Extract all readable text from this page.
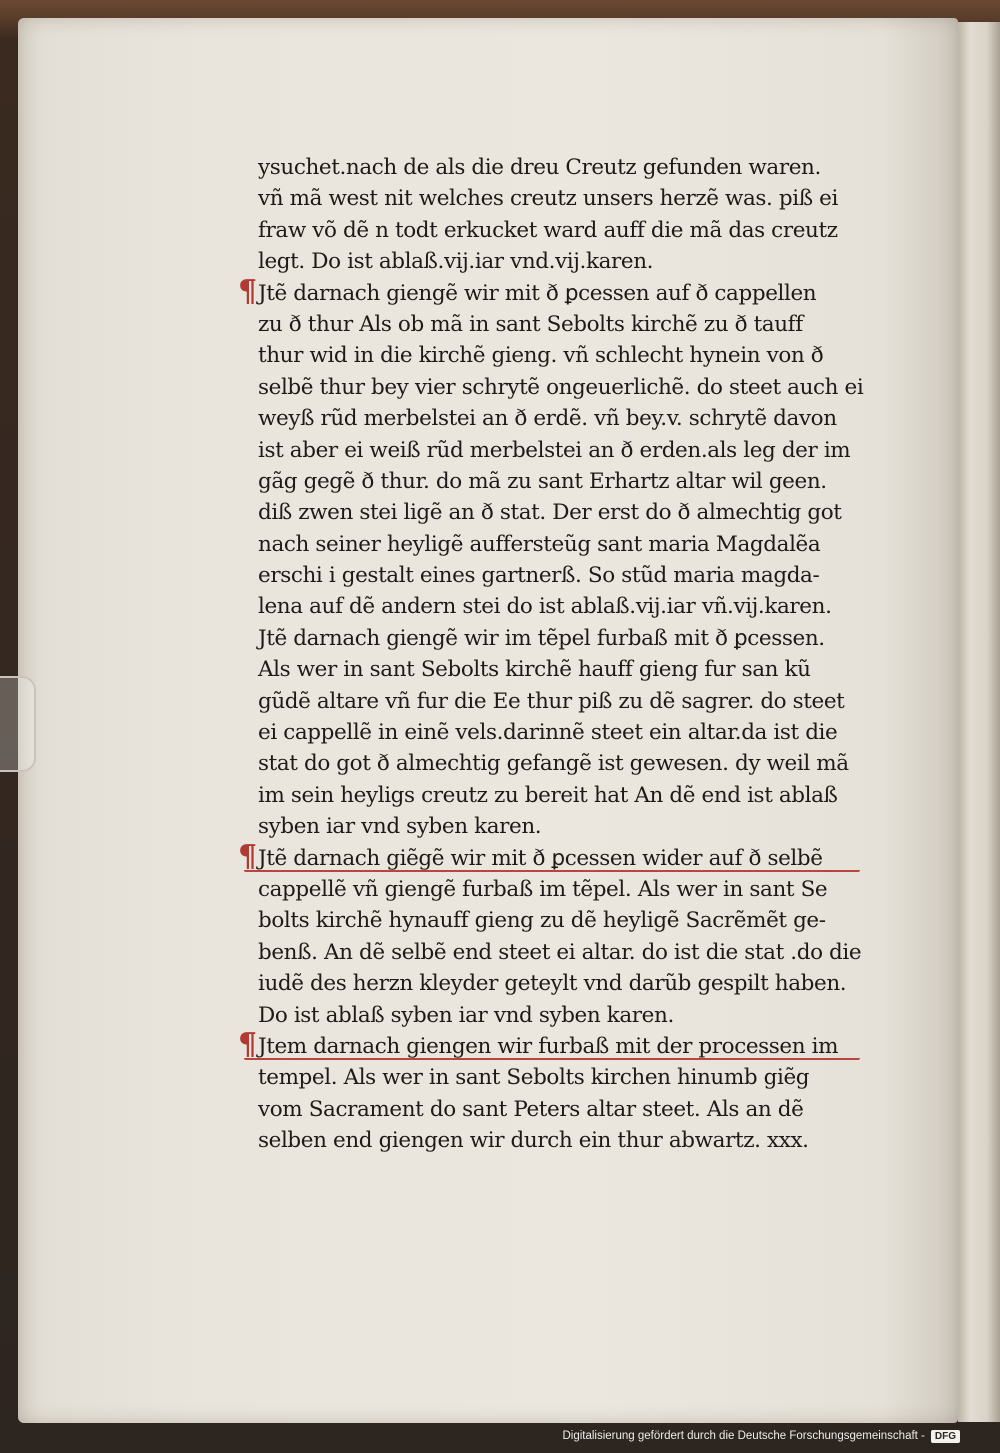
ysuchet.nach de als die dreu Creutz gefunden waren.
vñ mã west nit welches creutz unsers herzẽ was. piß ei
fraw võ dẽ n todt erkucket ward auff die mã das creutz
legt. Do ist ablaß.vij.iar vnd.vij.karen.
¶ Jtẽ darnach giengẽ wir mit ð ꝑcessen auf ð cappellen
zu ð thur Als ob mã in sant Sebolts kirchẽ zu ð tauff
thur wid in die kirchẽ gieng. vñ schlecht hynein von ð
selbẽ thur bey vier schrytẽ ongeuerlichẽ. do steet auch ei
weyß rũd merbelstei an ð erdẽ. vñ bey.v. schrytẽ davon
ist aber ei weiß rũd merbelstei an ð erden.als leg der im
gãg gegẽ ð thur. do mã zu sant Erhartz altar wil geen.
diß zwen stei ligẽ an ð stat. Der erst do ð almechtig got
nach seiner heyligẽ auffersteũg sant maria Magdalẽa
erschi i gestalt eines gartnerß. So stũd maria magda-
lena auf dẽ andern stei do ist ablaß.vij.iar vñ.vij.karen.
Jtẽ darnach giengẽ wir im tẽpel furbaß mit ð ꝑcessen.
Als wer in sant Sebolts kirchẽ hauff gieng fur san kũ
gũdẽ altare vñ fur die Ee thur piß zu dẽ sagrer. do steet
ei cappellẽ in einẽ vels.darinnẽ steet ein altar.da ist die
stat do got ð almechtig gefangẽ ist gewesen. dy weil mã
im sein heyligs creutz zu bereit hat An dẽ end ist ablaß
syben iar vnd syben karen.
¶ Jtẽ darnach giẽgẽ wir mit ð ꝑcessen wider auf ð selbẽ
cappellẽ vñ giengẽ furbaß im tẽpel. Als wer in sant Se
bolts kirchẽ hynauff gieng zu dẽ heyligẽ Sacrẽmẽt ge-
benß. An dẽ selbẽ end steet ei altar. do ist die stat .do die
iudẽ des herzn kleyder geteylt vnd darũb gespilt haben.
Do ist ablaß syben iar vnd syben karen.
¶ Jtem darnach giengen wir furbaß mit der processen im
tempel. Als wer in sant Sebolts kirchen hinumb giẽg
vom Sacrament do sant Peters altar steet. Als an dẽ
selben end giengen wir durch ein thur abwartz. xxx.
Digitalisierung gefördert durch die Deutsche Forschungsgemeinschaft -	DFG
